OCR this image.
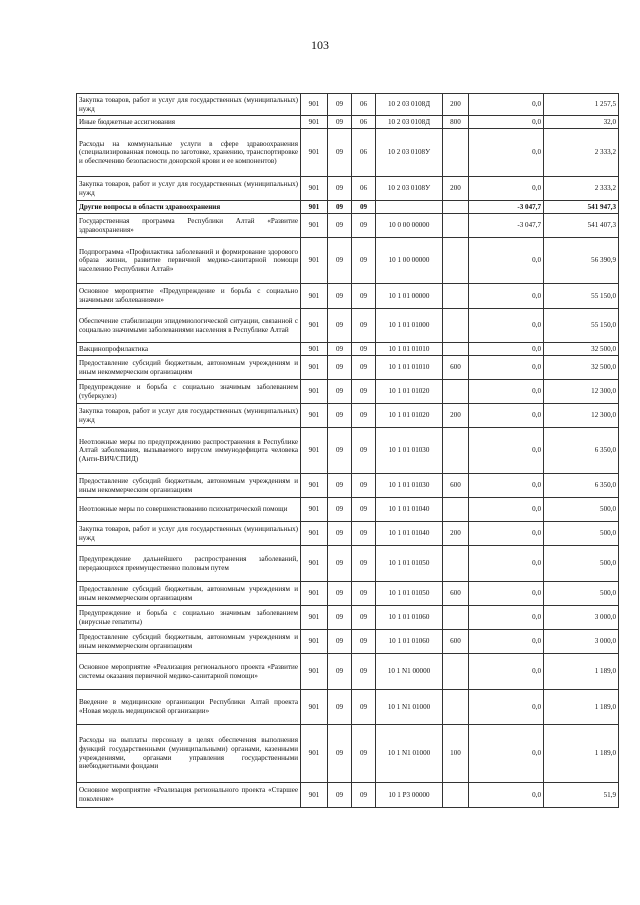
103
Закупка товаров, работ и услуг для государственных (муниципальных) нужд	901	09	06	10 2 03 0108Д	200	0,0	1 257,5
Иные бюджетные ассигнования	901	09	06	10 2 03 0108Д	800	0,0	32,0
Расходы на коммунальные услуги в сфере здравоохранения (специализированная помощь по заготовке, хранению, транспортировке и обеспечению безопасности донорской крови и ее компонентов)	901	09	06	10 2 03 0108У		0,0	2 333,2
Закупка товаров, работ и услуг для государственных (муниципальных) нужд	901	09	06	10 2 03 0108У	200	0,0	2 333,2
Другие вопросы в области здравоохранения	901	09	09			-3 047,7	541 947,3
Государственная программа Республики Алтай «Развитие здравоохранения»	901	09	09	10 0 00 00000		-3 047,7	541 407,3
Подпрограмма «Профилактика заболеваний и формирование здорового образа жизни, развитие первичной медико-санитарной помощи населению Республики Алтай»	901	09	09	10 1 00 00000		0,0	56 390,9
Основное мероприятие «Предупреждение и борьба с социально значимыми заболеваниями»	901	09	09	10 1 01 00000		0,0	55 150,0
Обеспечение стабилизации эпидемиологической ситуации, связанной с социально значимыми заболеваниями населения в Республике Алтай	901	09	09	10 1 01 01000		0,0	55 150,0
Вакцинопрофилактика	901	09	09	10 1 01 01010		0,0	32 500,0
Предоставление субсидий бюджетным, автономным учреждениям и иным некоммерческим организациям	901	09	09	10 1 01 01010	600	0,0	32 500,0
Предупреждение и борьба с социально значимым заболеванием (туберкулез)	901	09	09	10 1 01 01020		0,0	12 300,0
Закупка товаров, работ и услуг для государственных (муниципальных) нужд	901	09	09	10 1 01 01020	200	0,0	12 300,0
Неотложные меры по предупреждению распространения в Республике Алтай заболевания, вызываемого вирусом иммунодефицита человека (Анти-ВИЧ/СПИД)	901	09	09	10 1 01 01030		0,0	6 350,0
Предоставление субсидий бюджетным, автономным учреждениям и иным некоммерческим организациям	901	09	09	10 1 01 01030	600	0,0	6 350,0
Неотложные меры по совершенствованию психиатрической помощи	901	09	09	10 1 01 01040		0,0	500,0
Закупка товаров, работ и услуг для государственных (муниципальных) нужд	901	09	09	10 1 01 01040	200	0,0	500,0
Предупреждение дальнейшего распространения заболеваний, передающихся преимущественно половым путем	901	09	09	10 1 01 01050		0,0	500,0
Предоставление субсидий бюджетным, автономным учреждениям и иным некоммерческим организациям	901	09	09	10 1 01 01050	600	0,0	500,0
Предупреждение и борьба с социально значимым заболеванием (вирусные гепатиты)	901	09	09	10 1 01 01060		0,0	3 000,0
Предоставление субсидий бюджетным, автономным учреждениям и иным некоммерческим организациям	901	09	09	10 1 01 01060	600	0,0	3 000,0
Основное мероприятие «Реализация регионального проекта «Развитие системы оказания первичной медико-санитарной помощи»	901	09	09	10 1 N1 00000		0,0	1 189,0
Введение в медицинские организации Республики Алтай проекта «Новая модель медицинской организации»	901	09	09	10 1 N1 01000		0,0	1 189,0
Расходы на выплаты персоналу в целях обеспечения выполнения функций государственными (муниципальными) органами, казенными учреждениями, органами управления государственными внебюджетными фондами	901	09	09	10 1 N1 01000	100	0,0	1 189,0
Основное мероприятие «Реализация регионального проекта «Старшее поколение»	901	09	09	10 1 P3 00000		0,0	51,9
